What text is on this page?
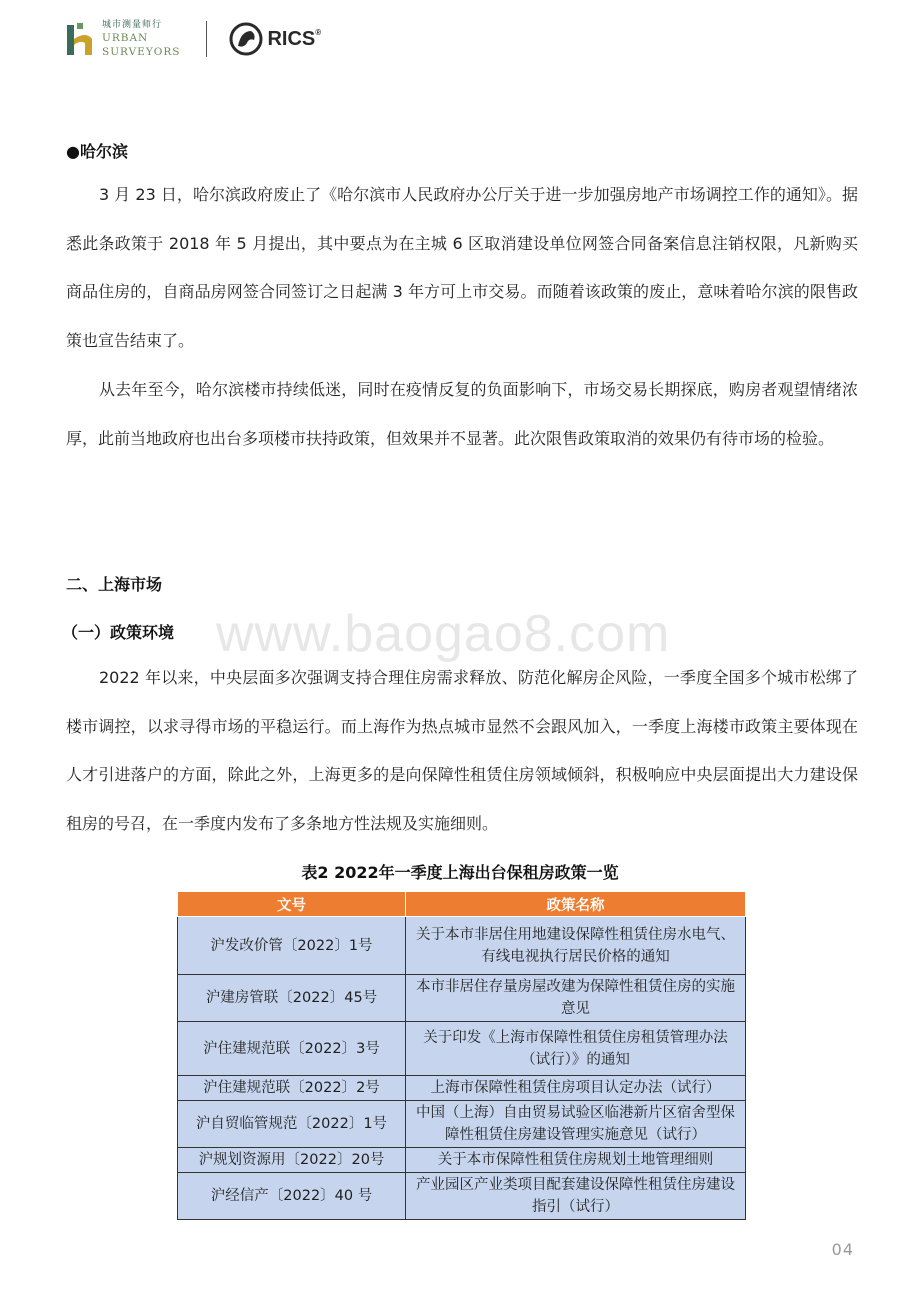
城市测量师行
URBAN
SURVEYORS
RICS®
●哈尔滨
3 月 23 日，哈尔滨政府废止了《哈尔滨市人民政府办公厅关于进一步加强房地产市场调控工作的通知》。据悉此条政策于 2018 年 5 月提出，其中要点为在主城 6 区取消建设单位网签合同备案信息注销权限，凡新购买商品住房的，自商品房网签合同签订之日起满 3 年方可上市交易。而随着该政策的废止，意味着哈尔滨的限售政策也宣告结束了。
从去年至今，哈尔滨楼市持续低迷，同时在疫情反复的负面影响下，市场交易长期探底，购房者观望情绪浓厚，此前当地政府也出台多项楼市扶持政策，但效果并不显著。此次限售政策取消的效果仍有待市场的检验。
二、上海市场
（一）政策环境
2022 年以来，中央层面多次强调支持合理住房需求释放、防范化解房企风险，一季度全国多个城市松绑了楼市调控，以求寻得市场的平稳运行。而上海作为热点城市显然不会跟风加入，一季度上海楼市政策主要体现在人才引进落户的方面，除此之外，上海更多的是向保障性租赁住房领域倾斜，积极响应中央层面提出大力建设保租房的号召，在一季度内发布了多条地方性法规及实施细则。
www.baogao8.com
表2 2022年一季度上海出台保租房政策一览
文号	政策名称
沪发改价管〔2022〕1号	关于本市非居住用地建设保障性租赁住房水电气、有线电视执行居民价格的通知
沪建房管联〔2022〕45号	本市非居住存量房屋改建为保障性租赁住房的实施意见
沪住建规范联〔2022〕3号	关于印发《上海市保障性租赁住房租赁管理办法（试行）》的通知
沪住建规范联〔2022〕2号	上海市保障性租赁住房项目认定办法（试行）
沪自贸临管规范〔2022〕1号	中国（上海）自由贸易试验区临港新片区宿舍型保障性租赁住房建设管理实施意见（试行）
沪规划资源用〔2022〕20号	关于本市保障性租赁住房规划土地管理细则
沪经信产〔2022〕40 号	产业园区产业类项目配套建设保障性租赁住房建设指引（试行）
04
